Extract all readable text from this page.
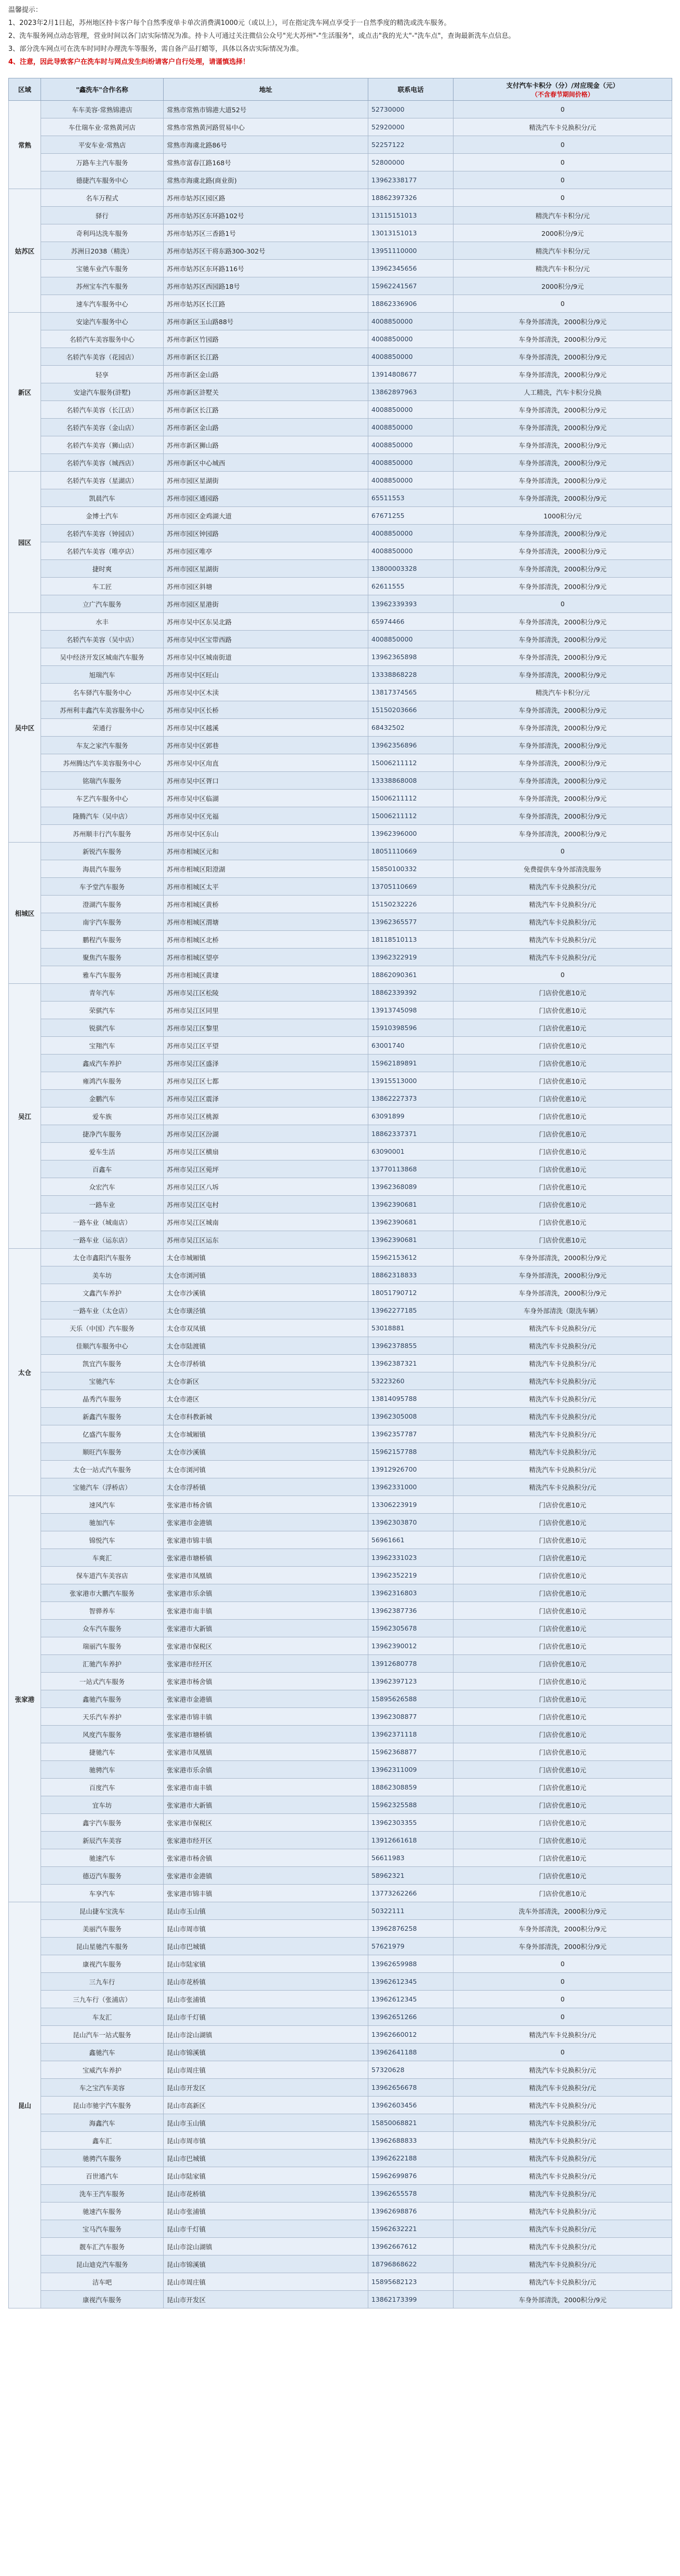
温馨提示：

1、2023年2月1日起，苏州地区持卡客户每个自然季度单卡单次消费满1000元（或以上），可在指定洗车网点享受于一自然季度的精洗或洗车服务。

2、洗车服务网点动态管理，营业时间以各门店实际情况为准。持卡人可通过关注微信公众号"光大苏州"-"生活服务"，或点击"我的光大"-"洗车点"，查询最新洗车点信息。

3、部分洗车网点可在洗车时同时办理洗车等服务，需自备产品打蜡等，具体以各店实际情况为准。

4、注意，因此导致客户在洗车时与网点发生纠纷请客户自行处理，请谨慎选择！

区域	"鑫洗车"合作名称	地址	联系电话	支付汽车卡积分（分）/对应现金（元）
（不含春节期间价格）

常熟	车车美容·常熟锦港店	常熟市常熟市锦港大道52号	52730000	0
	车仕瑞车业·常熟黄河店	常熟市常熟黄河路贸易中心	52920000	精洗汽车卡兑换积分/元
	平安车业·常熟店	常熟市海虞北路86号	52257122	0
	万路车主汽车服务	常熟市富春江路168号	52800000	0
	德捷汽车服务中心	常熟市海虞北路(商业街)	13962338177	0
姑苏区	名车万程式	苏州市姑苏区园区路	18862397326	0
	驿行	苏州市姑苏区东环路102号	13115151013	精洗汽车卡积分/元
	奇利玛达洗车服务	苏州市姑苏区三香路1号	13013151013	2000积分/9元
	苏洲日2038（精洗）	苏州市姑苏区干将东路300-302号	13951110000	精洗汽车卡积分/元
	宝驰车业汽车服务	苏州市姑苏区东环路116号	13962345656	精洗汽车卡积分/元
	苏州宝车汽车服务	苏州市姑苏区西园路18号	15962241567	2000积分/9元
	速车汽车服务中心	苏州市姑苏区长江路	18862336906	0
新区	安途汽车服务中心	苏州市新区玉山路88号	4008850000	车身外部清洗，2000积分/9元
	名轿汽车美容服务中心	苏州市新区竹园路	4008850000	车身外部清洗，2000积分/9元
	名轿汽车美容（花园店）	苏州市新区长江路	4008850000	车身外部清洗，2000积分/9元
	轻享	苏州市新区金山路	13914808677	车身外部清洗，2000积分/9元
	安途汽车服务(浒墅)	苏州市新区浒墅关	13862897963	人工精洗，汽车卡积分兑换
	名轿汽车美容（长江店）	苏州市新区长江路	4008850000	车身外部清洗，2000积分/9元
	名轿汽车美容（金山店）	苏州市新区金山路	4008850000	车身外部清洗，2000积分/9元
	名轿汽车美容（狮山店）	苏州市新区狮山路	4008850000	车身外部清洗，2000积分/9元
	名轿汽车美容（城西店）	苏州市新区中心城西	4008850000	车身外部清洗，2000积分/9元
园区	名轿汽车美容（星湖店）	苏州市园区星湖街	4008850000	车身外部清洗，2000积分/9元
	凯晨汽车	苏州市园区通园路	65511553	车身外部清洗，2000积分/9元
	金博士汽车	苏州市园区金鸡湖大道	67671255	1000积分/元
	名轿汽车美容（钟园店）	苏州市园区钟园路	4008850000	车身外部清洗，2000积分/9元
	名轿汽车美容（唯亭店）	苏州市园区唯亭	4008850000	车身外部清洗，2000积分/9元
	捷时爽	苏州市园区星湖街	13800003328	车身外部清洗，2000积分/9元
	车工匠	苏州市园区斜塘	62611555	车身外部清洗，2000积分/9元
	立广汽车服务	苏州市园区星港街	13962339393	0
吴中区	水丰	苏州市吴中区东吴北路	65974466	车身外部清洗，2000积分/9元
	名轿汽车美容（吴中店）	苏州市吴中区宝带西路	4008850000	车身外部清洗，2000积分/9元
	吴中经济开发区城南汽车服务	苏州市吴中区城南街道	13962365898	车身外部清洗，2000积分/9元
	旭瑞汽车	苏州市吴中区旺山	13338868228	车身外部清洗，2000积分/9元
	名车驿汽车服务中心	苏州市吴中区木渎	13817374565	精洗汽车卡积分/元
	苏州利丰鑫汽车美容服务中心	苏州市吴中区长桥	15150203666	车身外部清洗，2000积分/9元
	荣通行	苏州市吴中区越溪	68432502	车身外部清洗，2000积分/9元
	车友之家汽车服务	苏州市吴中区郭巷	13962356896	车身外部清洗，2000积分/9元
	苏州腾达汽车美容服务中心	苏州市吴中区甪直	15006211112	车身外部清洗，2000积分/9元
	铭瑞汽车服务	苏州市吴中区胥口	13338868008	车身外部清洗，2000积分/9元
	车艺汽车服务中心	苏州市吴中区临湖	15006211112	车身外部清洗，2000积分/9元
	隆腾汽车（吴中店）	苏州市吴中区光福	15006211112	车身外部清洗，2000积分/9元
	苏州顺丰行汽车服务	苏州市吴中区东山	13962396000	车身外部清洗，2000积分/9元
相城区	新锐汽车服务	苏州市相城区元和	18051110669	0
	海晨汽车服务	苏州市相城区阳澄湖	15850100332	免费提供车身外部清洗服务
	车予堂汽车服务	苏州市相城区太平	13705110669	精洗汽车卡兑换积分/元
	澄湖汽车服务	苏州市相城区黄桥	15150232226	精洗汽车卡兑换积分/元
	南宇汽车服务	苏州市相城区渭塘	13962365577	精洗汽车卡兑换积分/元
	鹏程汽车服务	苏州市相城区北桥	18118510113	精洗汽车卡兑换积分/元
	聚焦汽车服务	苏州市相城区望亭	13962322919	精洗汽车卡兑换积分/元
	雅车汽车服务	苏州市相城区黄埭	18862090361	0
吴江	青年汽车	苏州市吴江区松陵	18862339392	门店价优惠10元
	荣骐汽车	苏州市吴江区同里	13913745098	门店价优惠10元
	锐骐汽车	苏州市吴江区黎里	15910398596	门店价优惠10元
	宝翔汽车	苏州市吴江区平望	63001740	门店价优惠10元
	鑫成汽车养护	苏州市吴江区盛泽	15962189891	门店价优惠10元
	雍鸿汽车服务	苏州市吴江区七都	13915513000	门店价优惠10元
	金鹏汽车	苏州市吴江区震泽	13862227373	门店价优惠10元
	爱车族	苏州市吴江区桃源	63091899	门店价优惠10元
	捷净汽车服务	苏州市吴江区汾湖	18862337371	门店价优惠10元
	爱车生活	苏州市吴江区横扇	63090001	门店价优惠10元
	百鑫车	苏州市吴江区菀坪	13770113868	门店价优惠10元
	众宏汽车	苏州市吴江区八坼	13962368089	门店价优惠10元
	一路车业	苏州市吴江区屯村	13962390681	门店价优惠10元
	一路车业（城南店）	苏州市吴江区城南	13962390681	门店价优惠10元
	一路车业（运东店）	苏州市吴江区运东	13962390681	门店价优惠10元
太仓	太仓市鑫阳汽车服务	太仓市城厢镇	15962153612	车身外部清洗，2000积分/9元
	美车坊	太仓市浏河镇	18862318833	车身外部清洗，2000积分/9元
	文鑫汽车养护	太仓市沙溪镇	18051790712	车身外部清洗，2000积分/9元
	一路车业（太仓店）	太仓市璜泾镇	13962277185	车身外部清洗（限洗车辆）
	天乐（中国）汽车服务	太仓市双凤镇	53018881	精洗汽车卡兑换积分/元
	佳顺汽车服务中心	太仓市陆渡镇	13962378855	精洗汽车卡兑换积分/元
	凯宜汽车服务	太仓市浮桥镇	13962387321	精洗汽车卡兑换积分/元
	宝驰汽车	太仓市新区	53223260	精洗汽车卡兑换积分/元
	晶秀汽车服务	太仓市港区	13814095788	精洗汽车卡兑换积分/元
	新鑫汽车服务	太仓市科教新城	13962305008	精洗汽车卡兑换积分/元
	亿盛汽车服务	太仓市城厢镇	13962357787	精洗汽车卡兑换积分/元
	顺旺汽车服务	太仓市沙溪镇	15962157788	精洗汽车卡兑换积分/元
	太仓一站式汽车服务	太仓市浏河镇	13912926700	精洗汽车卡兑换积分/元
	宝驰汽车（浮桥店）	太仓市浮桥镇	13962331000	精洗汽车卡兑换积分/元
张家港	速风汽车	张家港市杨舍镇	13306223919	门店价优惠10元
	驰加汽车	张家港市金港镇	13962303870	门店价优惠10元
	锦悦汽车	张家港市锦丰镇	56961661	门店价优惠10元
	车爽汇	张家港市塘桥镇	13962331023	门店价优惠10元
	保车道汽车美容店	张家港市凤凰镇	13962352219	门店价优惠10元
	张家港市大鹏汽车服务	张家港市乐余镇	13962316803	门店价优惠10元
	智骅养车	张家港市南丰镇	13962387736	门店价优惠10元
	众车汽车服务	张家港市大新镇	15962305678	门店价优惠10元
	瑞丽汽车服务	张家港市保税区	13962390012	门店价优惠10元
	汇驰汽车养护	张家港市经开区	13912680778	门店价优惠10元
	一站式汽车服务	张家港市杨舍镇	13962397123	门店价优惠10元
	鑫驰汽车服务	张家港市金港镇	15895626588	门店价优惠10元
	天乐汽车养护	张家港市锦丰镇	13962308877	门店价优惠10元
	风度汽车服务	张家港市塘桥镇	13962371118	门店价优惠10元
	捷驰汽车	张家港市凤凰镇	15962368877	门店价优惠10元
	驰骋汽车	张家港市乐余镇	13962311009	门店价优惠10元
	百度汽车	张家港市南丰镇	18862308859	门店价优惠10元
	宜车坊	张家港市大新镇	15962325588	门店价优惠10元
	鑫宇汽车服务	张家港市保税区	13962303355	门店价优惠10元
	新辰汽车美容	张家港市经开区	13912661618	门店价优惠10元
	驰速汽车	张家港市杨舍镇	56611983	门店价优惠10元
	德迈汽车服务	张家港市金港镇	58962321	门店价优惠10元
	车享汽车	张家港市锦丰镇	13773262266	门店价优惠10元
昆山	昆山捷车宝洗车	昆山市玉山镇	50322111	洗车外部清洗，2000积分/9元
	美丽汽车服务	昆山市周市镇	13962876258	车身外部清洗，2000积分/9元
	昆山星驰汽车服务	昆山市巴城镇	57621979	车身外部清洗，2000积分/9元
	康视汽车服务	昆山市陆家镇	13962659988	0
	三九车行	昆山市花桥镇	13962612345	0
	三九车行（张浦店）	昆山市张浦镇	13962612345	0
	车友汇	昆山市千灯镇	13962651266	0
	昆山汽车一站式服务	昆山市淀山湖镇	13962660012	精洗汽车卡兑换积分/元
	鑫驰汽车	昆山市锦溪镇	13962641188	0
	宝威汽车养护	昆山市周庄镇	57320628	精洗汽车卡兑换积分/元
	车之宝汽车美容	昆山市开发区	13962656678	精洗汽车卡兑换积分/元
	昆山市驰宇汽车服务	昆山市高新区	13962603456	精洗汽车卡兑换积分/元
	海鑫汽车	昆山市玉山镇	15850068821	精洗汽车卡兑换积分/元
	鑫车汇	昆山市周市镇	13962688833	精洗汽车卡兑换积分/元
	驰骋汽车服务	昆山市巴城镇	13962622188	精洗汽车卡兑换积分/元
	百世通汽车	昆山市陆家镇	15962699876	精洗汽车卡兑换积分/元
	洗车王汽车服务	昆山市花桥镇	13962655578	精洗汽车卡兑换积分/元
	驰速汽车服务	昆山市张浦镇	13962698876	精洗汽车卡兑换积分/元
	宝马汽车服务	昆山市千灯镇	15962632221	精洗汽车卡兑换积分/元
	靓车汇汽车服务	昆山市淀山湖镇	13962667612	精洗汽车卡兑换积分/元
	昆山迪克汽车服务	昆山市锦溪镇	18796868622	精洗汽车卡兑换积分/元
	洁车吧	昆山市周庄镇	15895682123	精洗汽车卡兑换积分/元
	康视汽车服务	昆山市开发区	13862173399	车身外部清洗，2000积分/9元
